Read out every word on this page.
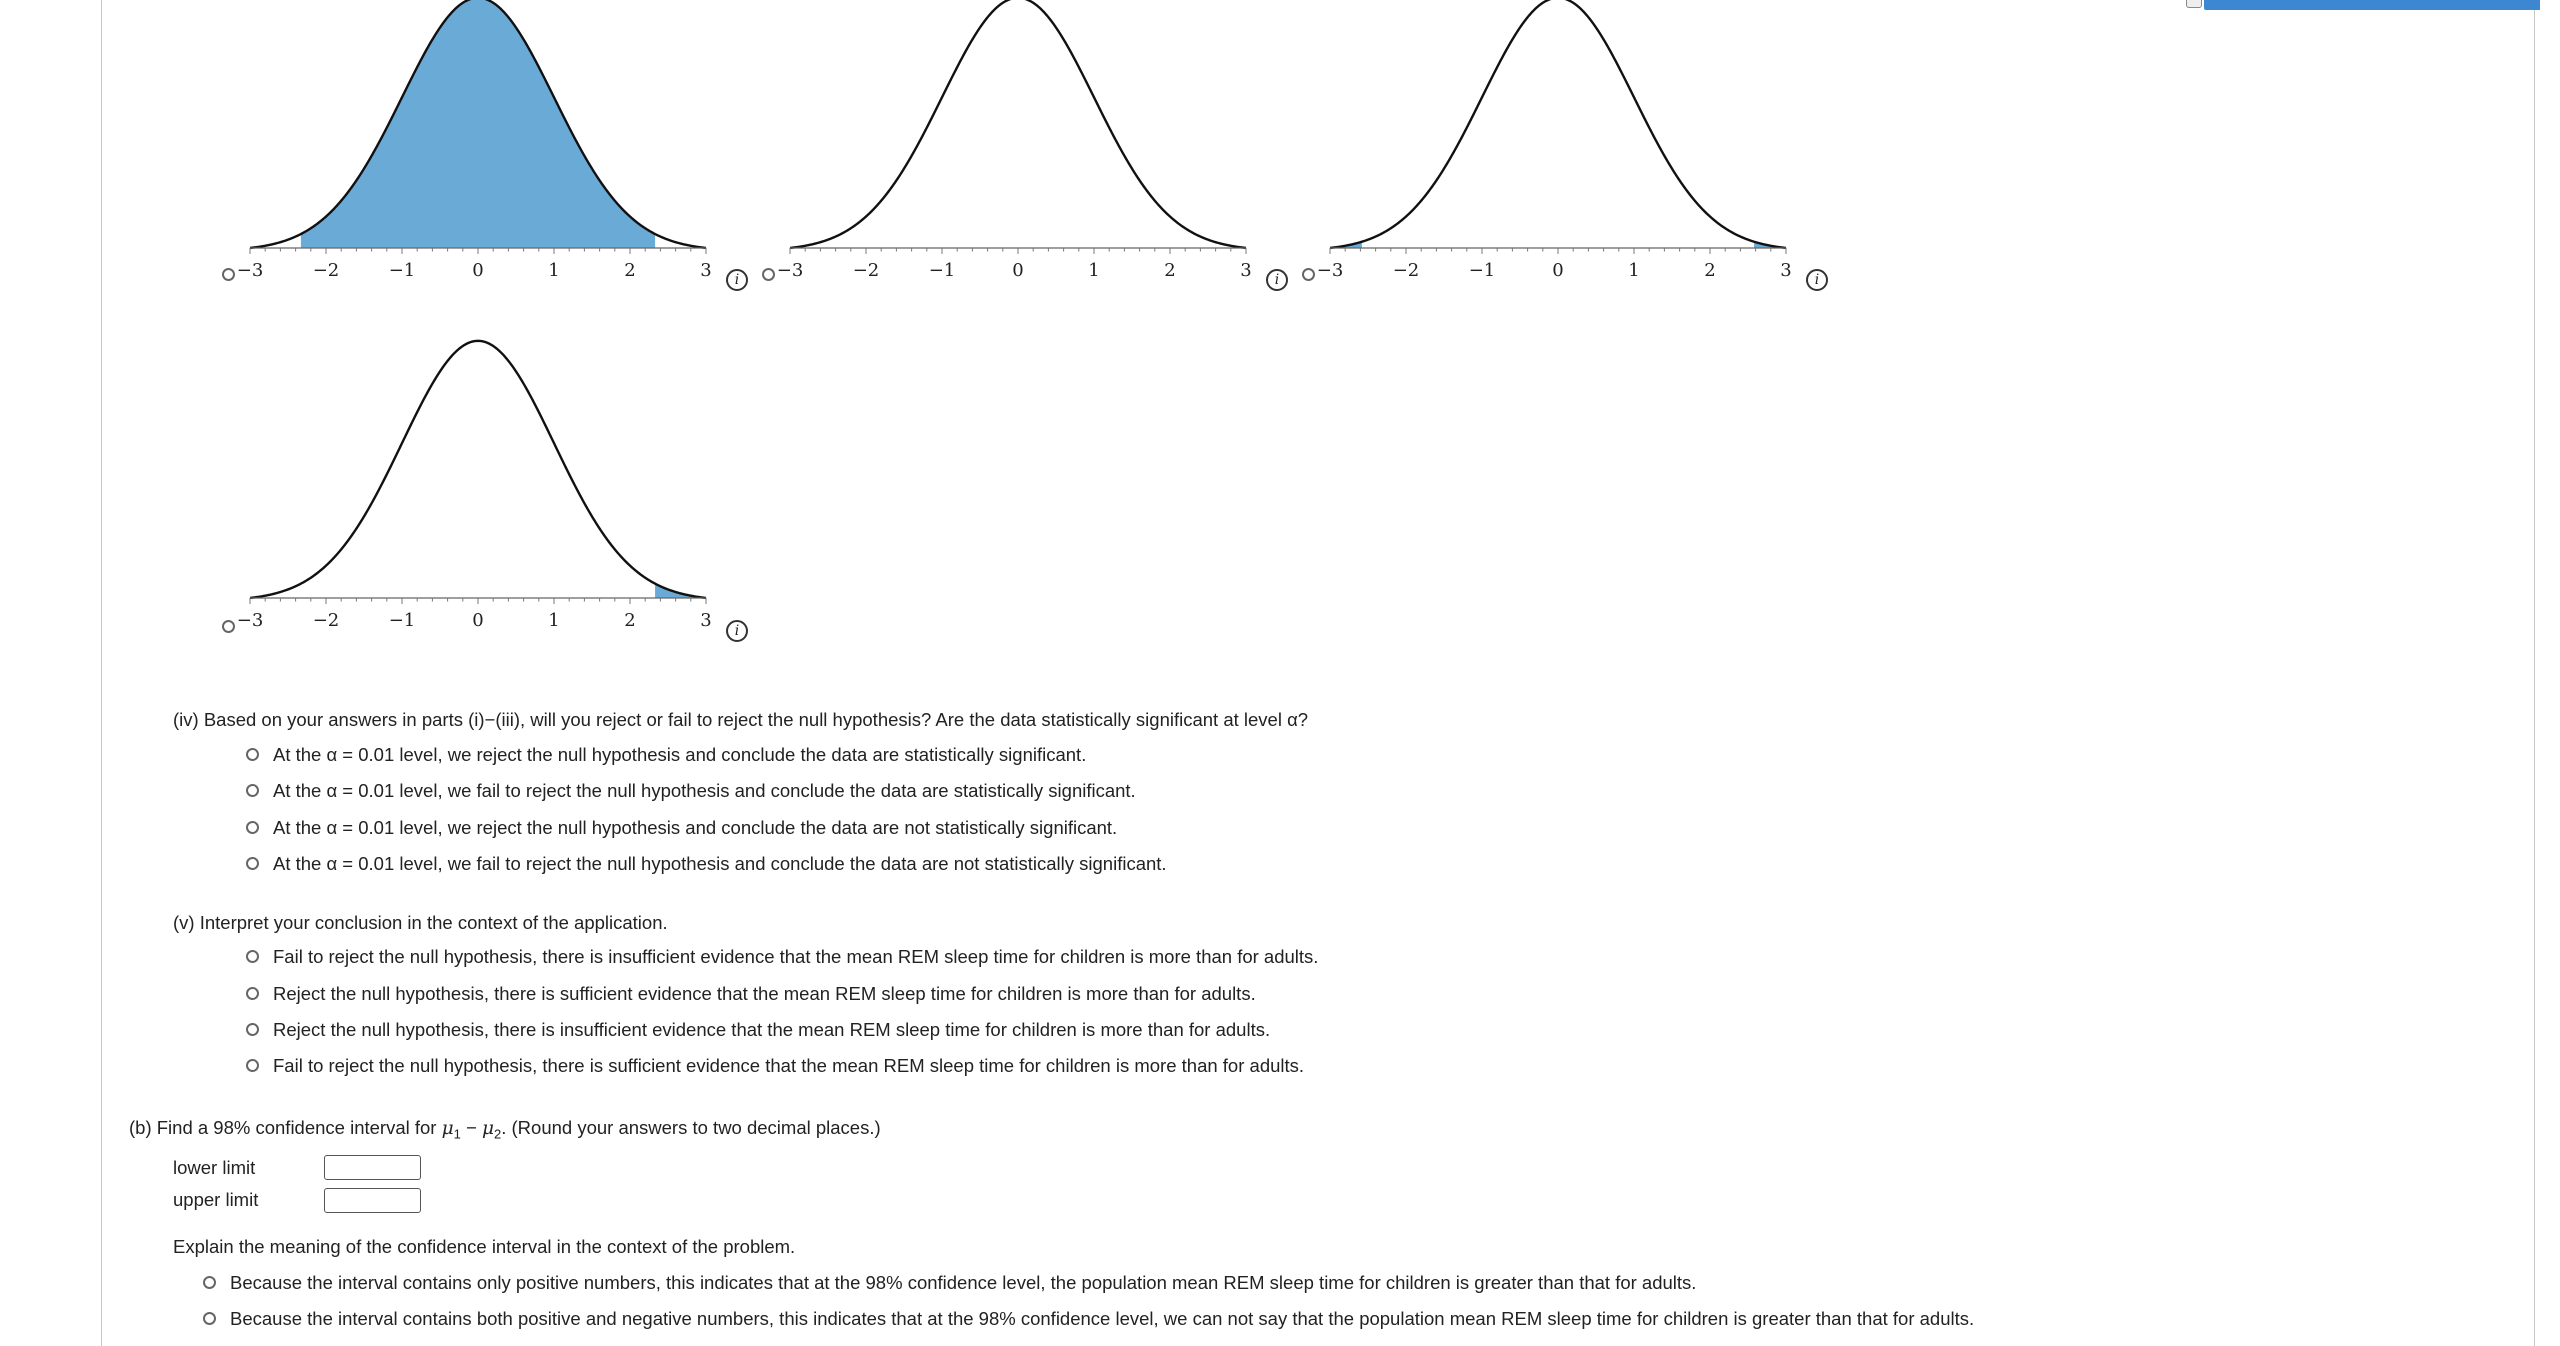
−3	−2	−1	0	1	2	3	i	−3	−2	−1	0	1	2	3	i	−3	−2	−1	0	1	2	3	i
−3	−2	−1	0	1	2	3	i
(iv) Based on your answers in parts (i)−(iii), will you reject or fail to reject the null hypothesis? Are the data statistically significant at level α?
At the α = 0.01 level, we reject the null hypothesis and conclude the data are statistically significant.
At the α = 0.01 level, we fail to reject the null hypothesis and conclude the data are statistically significant.
At the α = 0.01 level, we reject the null hypothesis and conclude the data are not statistically significant.
At the α = 0.01 level, we fail to reject the null hypothesis and conclude the data are not statistically significant.
(v) Interpret your conclusion in the context of the application.
Fail to reject the null hypothesis, there is insufficient evidence that the mean REM sleep time for children is more than for adults.
Reject the null hypothesis, there is sufficient evidence that the mean REM sleep time for children is more than for adults.
Reject the null hypothesis, there is insufficient evidence that the mean REM sleep time for children is more than for adults.
Fail to reject the null hypothesis, there is sufficient evidence that the mean REM sleep time for children is more than for adults.
(b) Find a 98% confidence interval for $\mu_1 - \mu_2$. (Round your answers to two decimal places.)
lower limit
upper limit
Explain the meaning of the confidence interval in the context of the problem.
Because the interval contains only positive numbers, this indicates that at the 98% confidence level, the population mean REM sleep time for children is greater than that for adults.
Because the interval contains both positive and negative numbers, this indicates that at the 98% confidence level, we can not say that the population mean REM sleep time for children is greater than that for adults.
